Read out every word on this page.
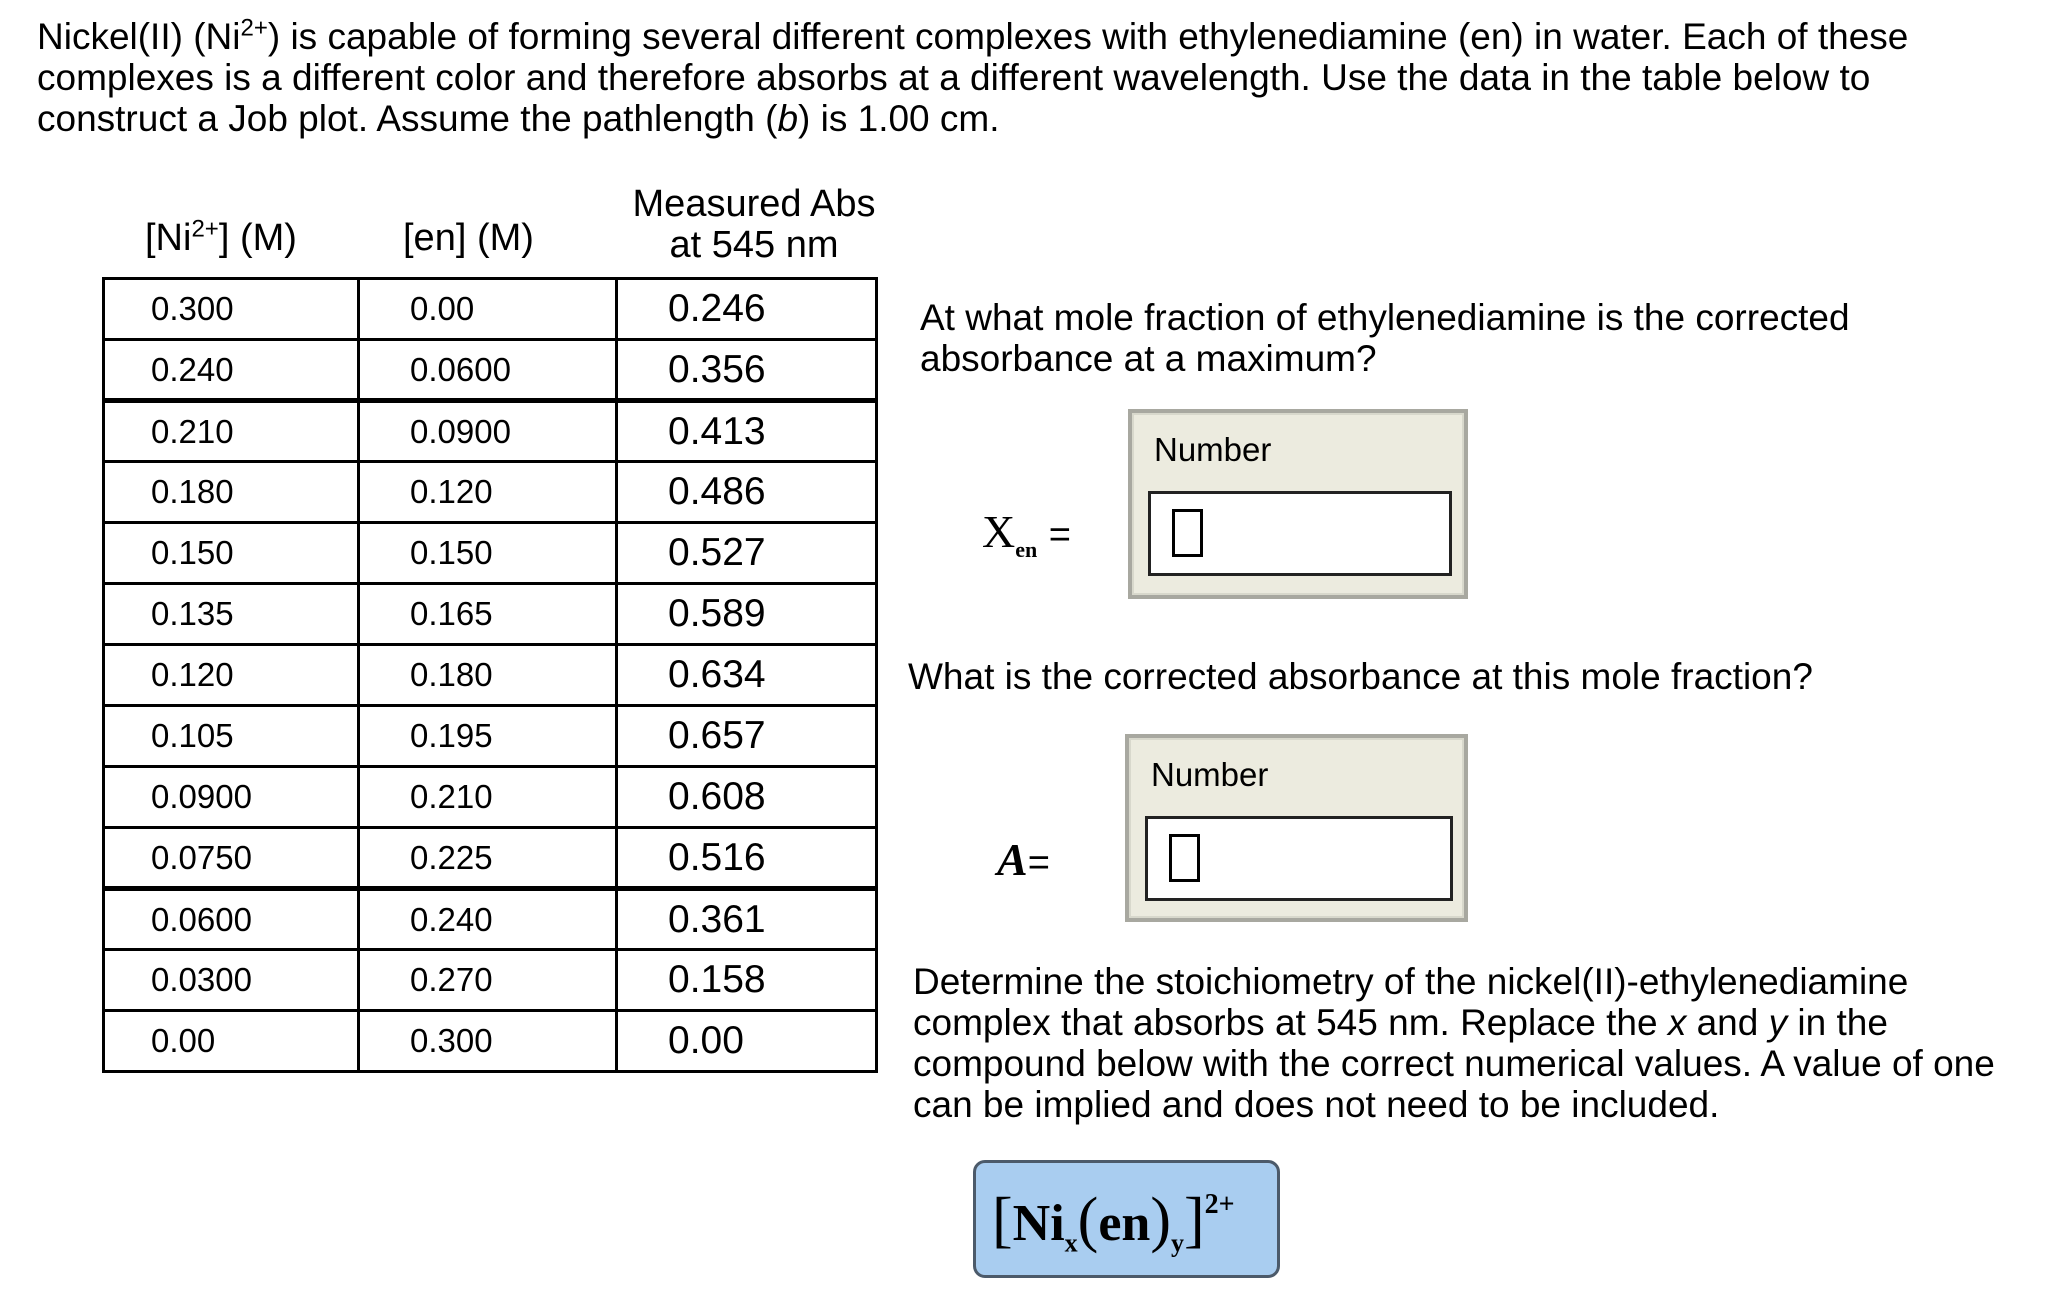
Nickel(II) $(Ni^{2+})$ is capable of forming several different complexes with ethylenediamine (en) in water. Each of these complexes is a different color and therefore absorbs at a different wavelength. Use the data in the table below to construct a Job plot. Assume the pathlength (b) is 1.00 cm.
$[Ni^{2+}]$ (M)	[en] (M)
Measured Abs
at 545 nm
0.300	0.00	0.246
0.240	0.0600	0.356
0.210	0.0900	0.413
0.180	0.120	0.486
0.150	0.150	0.527
0.135	0.165	0.589
0.120	0.180	0.634
0.105	0.195	0.657
0.0900	0.210	0.608
0.0750	0.225	0.516
0.0600	0.240	0.361
0.0300	0.270	0.158
0.00	0.300	0.00
At what mole fraction of ethylenediamine is the corrected absorbance at a maximum?
$X_{en}$ =
Number
What is the corrected absorbance at this mole fraction?
A=
Number
Determine the stoichiometry of the nickel(II)-ethylenediamine complex that absorbs at 545 nm. Replace the x and y in the compound below with the correct numerical values. A value of one can be implied and does not need to be included.
$[Ni_x(en)_y]^{2+}$
